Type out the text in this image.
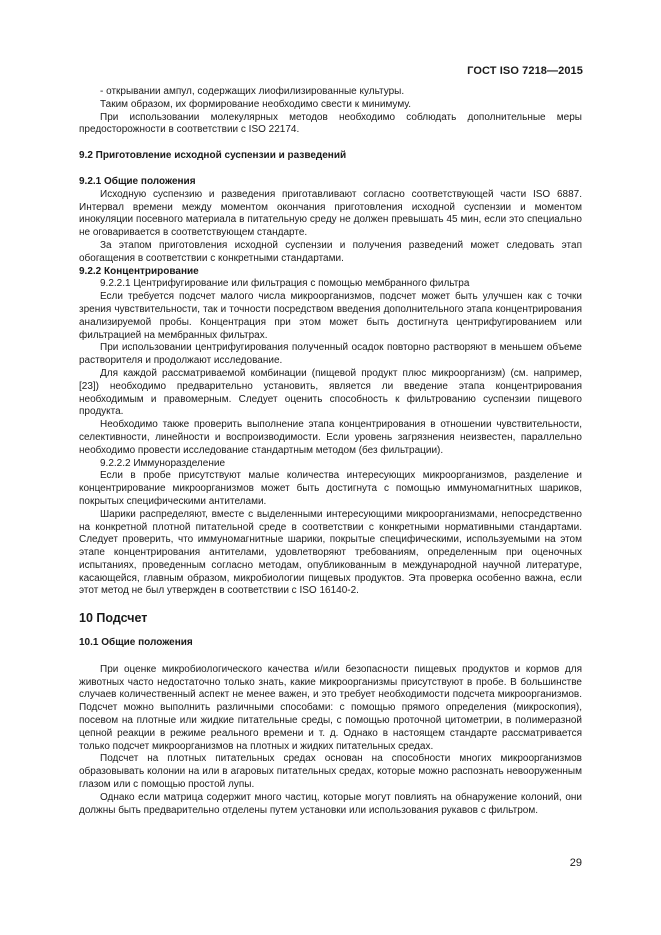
ГОСТ ISO 7218—2015

- открывании ампул, содержащих лиофилизированные культуры.

Таким образом, их формирование необходимо свести к минимуму.

При использовании молекулярных методов необходимо соблюдать дополнительные меры предосторожности в соответствии с ISO 22174.

9.2 Приготовление исходной суспензии и разведений

9.2.1 Общие положения

Исходную суспензию и разведения приготавливают согласно соответствующей части ISO 6887. Интервал времени между моментом окончания приготовления исходной суспензии и моментом инокуляции посевного материала в питательную среду не должен превышать 45 мин, если это специально не оговаривается в соответствующем стандарте.

За этапом приготовления исходной суспензии и получения разведений может следовать этап обогащения в соответствии с конкретными стандартами.

9.2.2 Концентрирование

9.2.2.1 Центрифугирование или фильтрация с помощью мембранного фильтра

Если требуется подсчет малого числа микроорганизмов, подсчет может быть улучшен как с точки зрения чувствительности, так и точности посредством введения дополнительного этапа концентрирования анализируемой пробы. Концентрация при этом может быть достигнута центрифугированием или фильтрацией на мембранных фильтрах.

При использовании центрифугирования полученный осадок повторно растворяют в меньшем объеме растворителя и продолжают исследование.

Для каждой рассматриваемой комбинации (пищевой продукт плюс микроорганизм) (см. например, [23]) необходимо предварительно установить, является ли введение этапа концентрирования необходимым и правомерным. Следует оценить способность к фильтрованию суспензии пищевого продукта.

Необходимо также проверить выполнение этапа концентрирования в отношении чувствительности, селективности, линейности и воспроизводимости. Если уровень загрязнения неизвестен, параллельно необходимо провести исследование стандартным методом (без фильтрации).

9.2.2.2 Иммуноразделение

Если в пробе присутствуют малые количества интересующих микроорганизмов, разделение и концентрирование микроорганизмов может быть достигнута с помощью иммуномагнитных шариков, покрытых специфическими антителами.

Шарики распределяют, вместе с выделенными интересующими микроорганизмами, непосредственно на конкретной плотной питательной среде в соответствии с конкретными нормативными стандартами. Следует проверить, что иммуномагнитные шарики, покрытые специфическими, используемыми на этом этапе концентрирования антителами, удовлетворяют требованиям, определенным при оценочных испытаниях, проведенным согласно методам, опубликованным в международной научной литературе, касающейся, главным образом, микробиологии пищевых продуктов. Эта проверка особенно важна, если этот метод не был утвержден в соответствии с ISO 16140-2.

10 Подсчет

10.1 Общие положения

При оценке микробиологического качества и/или безопасности пищевых продуктов и кормов для животных часто недостаточно только знать, какие микроорганизмы присутствуют в пробе. В большинстве случаев количественный аспект не менее важен, и это требует необходимости подсчета микроорганизмов. Подсчет можно выполнить различными способами: с помощью прямого определения (микроскопия), посевом на плотные или жидкие питательные среды, с помощью проточной цитометрии, в полимеразной цепной реакции в режиме реального времени и т. д. Однако в настоящем стандарте рассматривается только подсчет микроорганизмов на плотных и жидких питательных средах.

Подсчет на плотных питательных средах основан на способности многих микроорганизмов образовывать колонии на или в агаровых питательных средах, которые можно распознать невооруженным глазом или с помощью простой лупы.

Однако если матрица содержит много частиц, которые могут повлиять на обнаружение колоний, они должны быть предварительно отделены путем установки или использования рукавов с фильтром.

29
